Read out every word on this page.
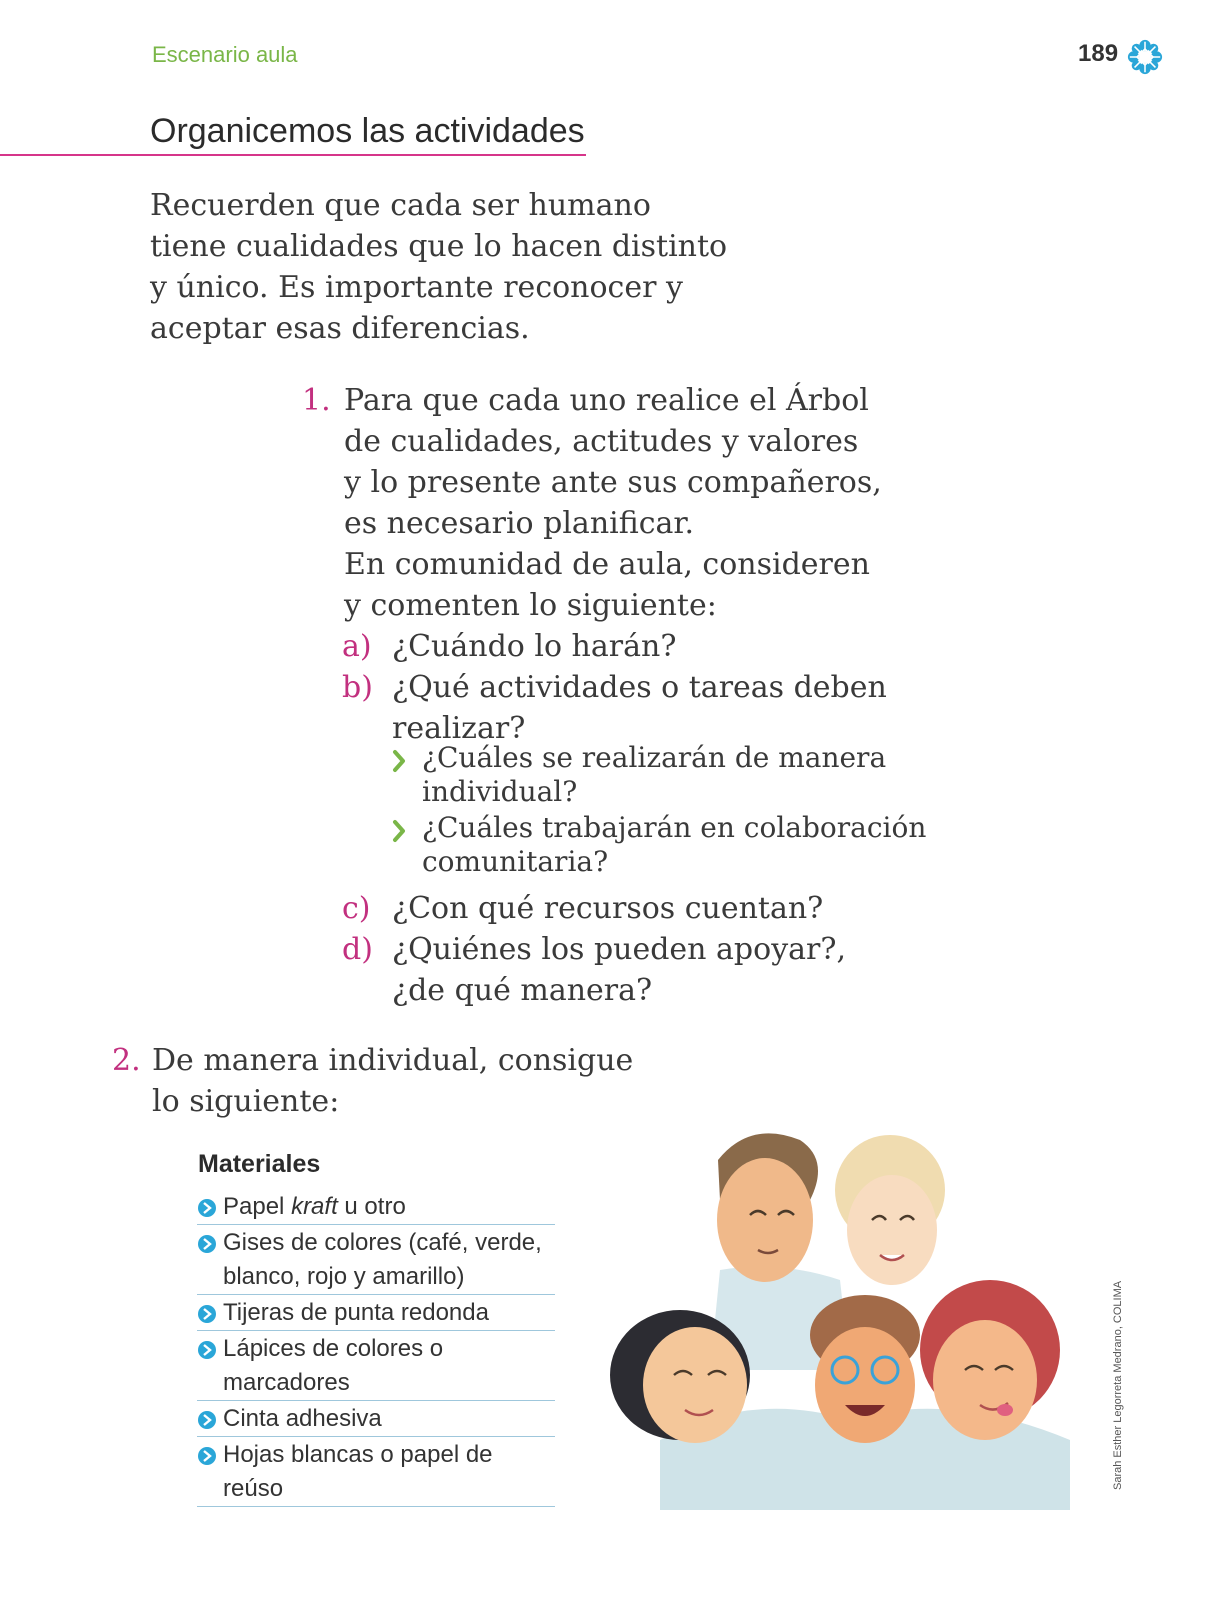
Escenario aula	189
Organicemos las actividades
Recuerden que cada ser humano
tiene cualidades que lo hacen distinto
y único. Es importante reconocer y
aceptar esas diferencias.
1. Para que cada uno realice el Árbol
de cualidades, actitudes y valores
y lo presente ante sus compañeros,
es necesario planificar.
En comunidad de aula, consideren
y comenten lo siguiente:
a) ¿Cuándo lo harán?
b) ¿Qué actividades o tareas deben
realizar?
¿Cuáles se realizarán de manera
individual?
¿Cuáles trabajarán en colaboración
comunitaria?
c) ¿Con qué recursos cuentan?
d) ¿Quiénes los pueden apoyar?,
¿de qué manera?
2. De manera individual, consigue
lo siguiente:
Materiales
Papel kraft u otro
Gises de colores (café, verde,
blanco, rojo y amarillo)
Tijeras de punta redonda
Lápices de colores o marcadores
Cinta adhesiva
Hojas blancas o papel de reúso	Sarah Esther Legorreta Medrano, COLIMA
